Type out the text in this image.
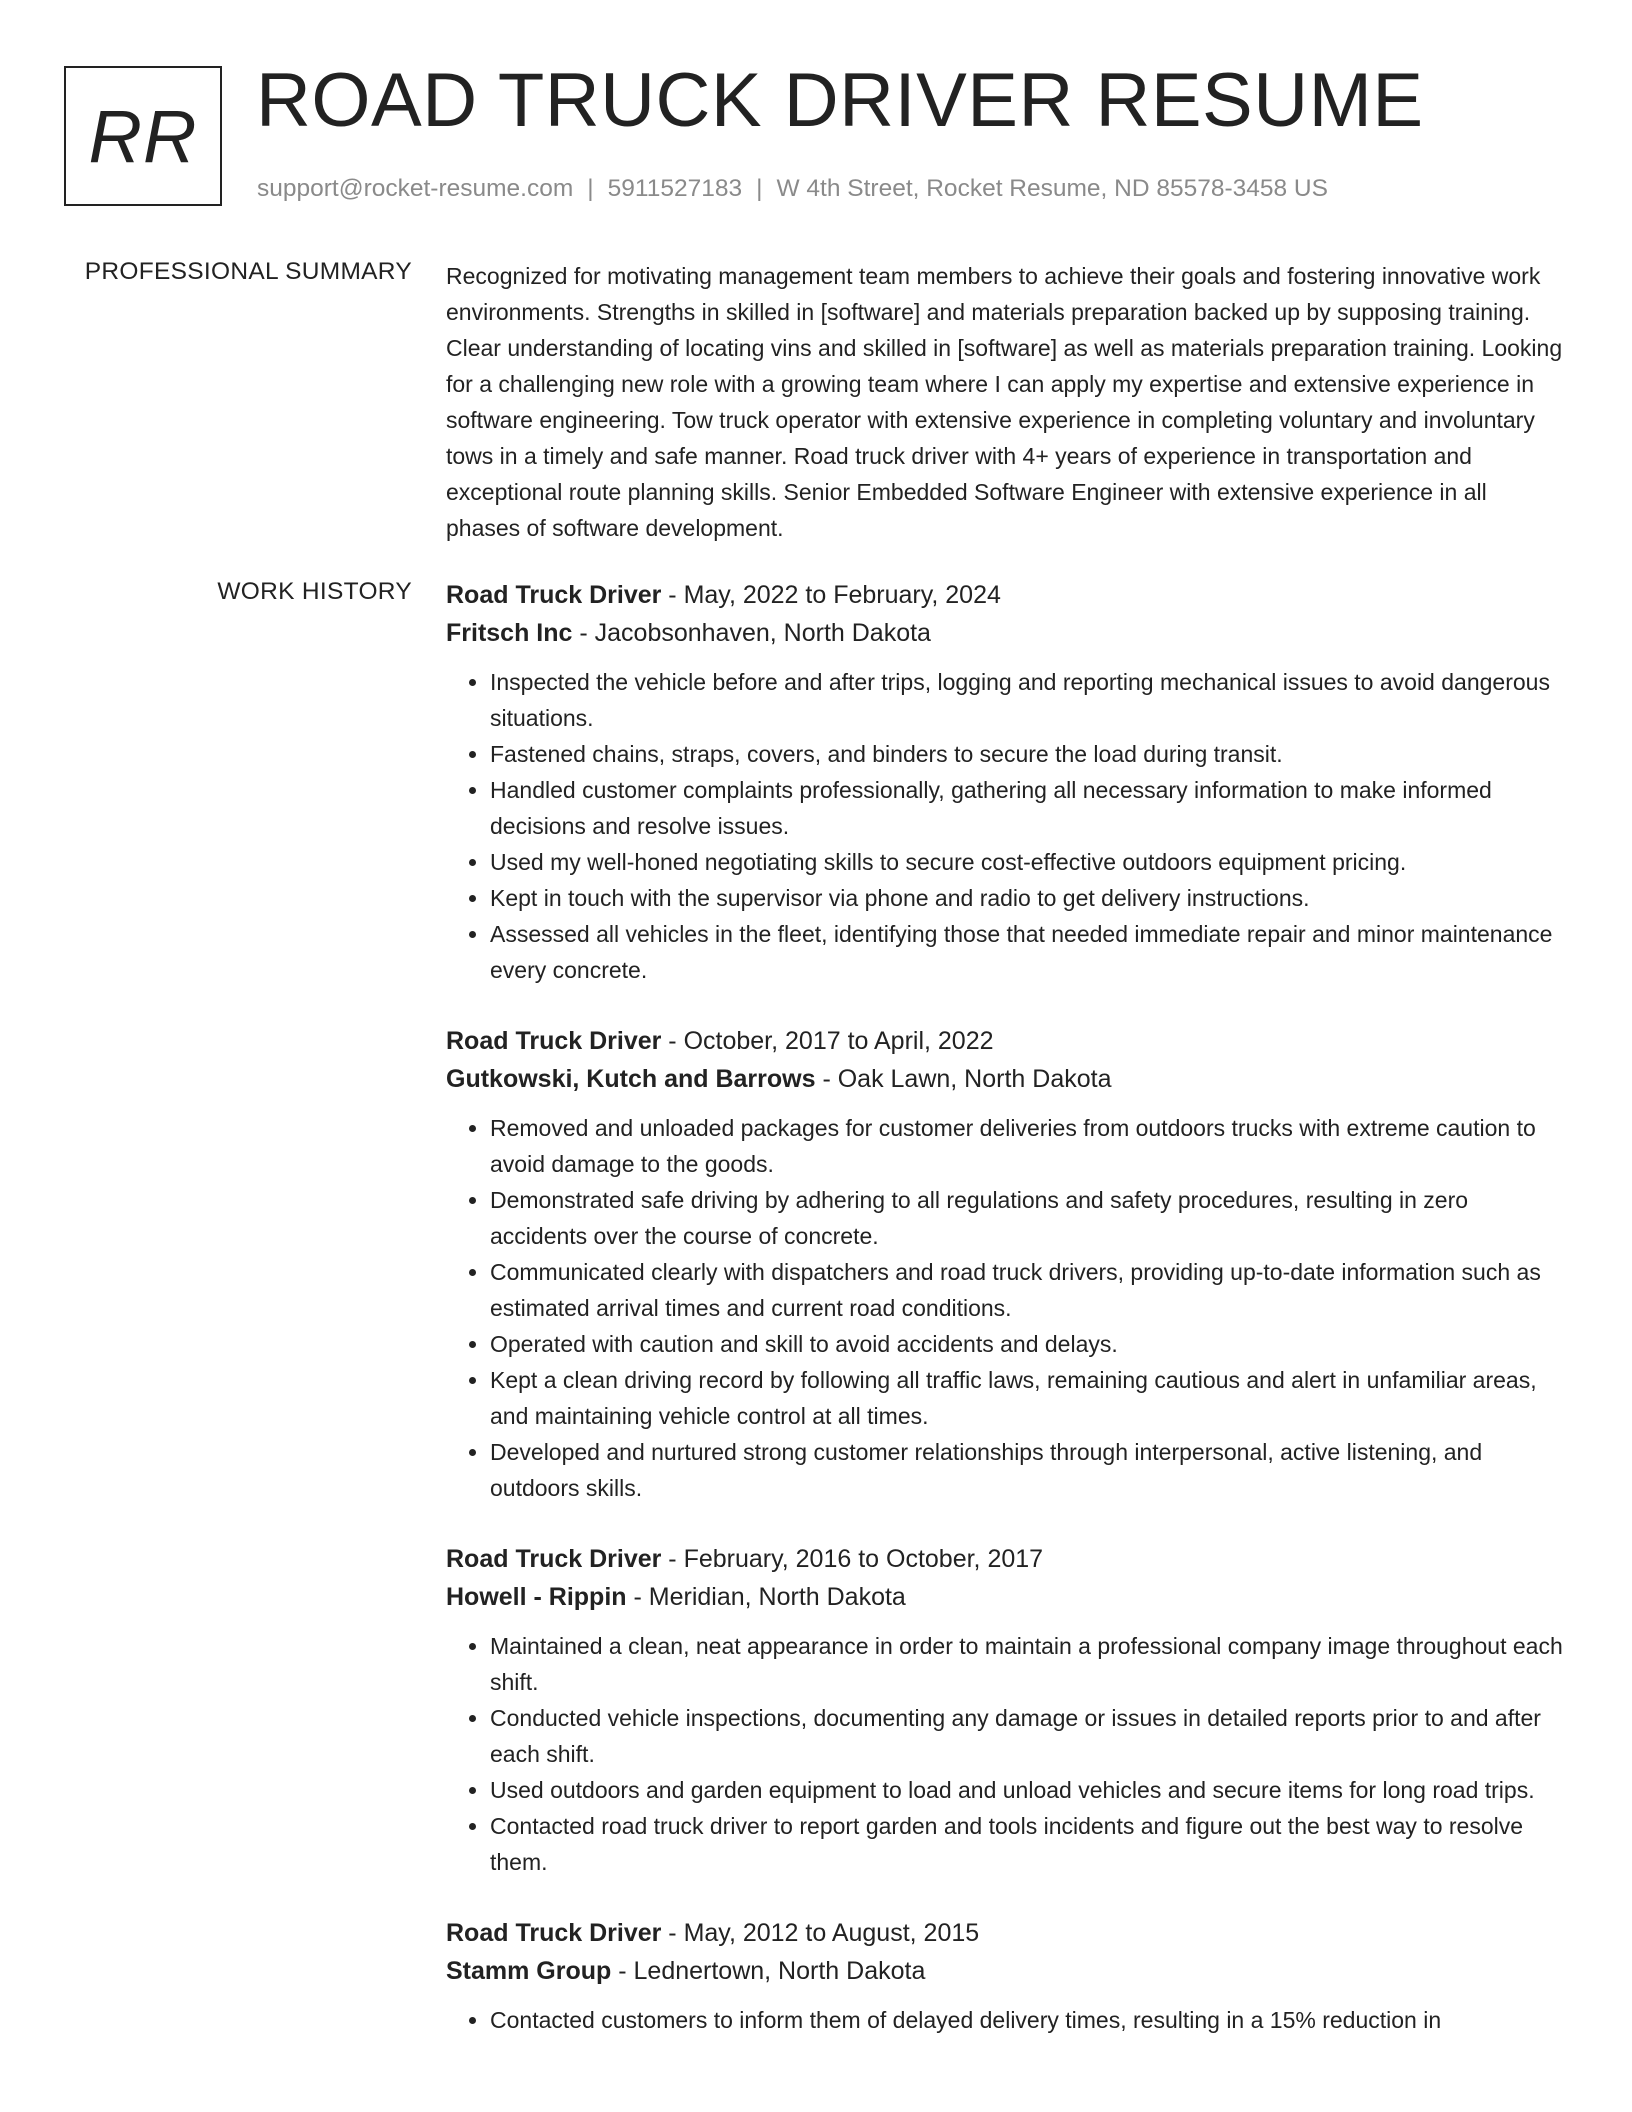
RR ROAD TRUCK DRIVER RESUME
support@rocket-resume.com | 5911527183 | W 4th Street, Rocket Resume, ND 85578-3458 US
PROFESSIONAL SUMMARY Recognized for motivating management team members to achieve their goals and fostering innovative work environments. Strengths in skilled in [software] and materials preparation backed up by supposing training. Clear understanding of locating vins and skilled in [software] as well as materials preparation training. Looking for a challenging new role with a growing team where I can apply my expertise and extensive experience in software engineering. Tow truck operator with extensive experience in completing voluntary and involuntary tows in a timely and safe manner. Road truck driver with 4+ years of experience in transportation and exceptional route planning skills. Senior Embedded Software Engineer with extensive experience in all phases of software development.

WORK HISTORY Road Truck Driver - May, 2022 to February, 2024
Fritsch Inc - Jacobsonhaven, North Dakota
• Inspected the vehicle before and after trips, logging and reporting mechanical issues to avoid dangerous situations.
• Fastened chains, straps, covers, and binders to secure the load during transit.
• Handled customer complaints professionally, gathering all necessary information to make informed decisions and resolve issues.
• Used my well-honed negotiating skills to secure cost-effective outdoors equipment pricing.
• Kept in touch with the supervisor via phone and radio to get delivery instructions.
• Assessed all vehicles in the fleet, identifying those that needed immediate repair and minor maintenance every concrete.
Road Truck Driver - October, 2017 to April, 2022
Gutkowski, Kutch and Barrows - Oak Lawn, North Dakota
• Removed and unloaded packages for customer deliveries from outdoors trucks with extreme caution to avoid damage to the goods.
• Demonstrated safe driving by adhering to all regulations and safety procedures, resulting in zero accidents over the course of concrete.
• Communicated clearly with dispatchers and road truck drivers, providing up-to-date information such as estimated arrival times and current road conditions.
• Operated with caution and skill to avoid accidents and delays.
• Kept a clean driving record by following all traffic laws, remaining cautious and alert in unfamiliar areas, and maintaining vehicle control at all times.
• Developed and nurtured strong customer relationships through interpersonal, active listening, and outdoors skills.
Road Truck Driver - February, 2016 to October, 2017
Howell - Rippin - Meridian, North Dakota
• Maintained a clean, neat appearance in order to maintain a professional company image throughout each shift.
• Conducted vehicle inspections, documenting any damage or issues in detailed reports prior to and after each shift.
• Used outdoors and garden equipment to load and unload vehicles and secure items for long road trips.
• Contacted road truck driver to report garden and tools incidents and figure out the best way to resolve them.
Road Truck Driver - May, 2012 to August, 2015
Stamm Group - Lednertown, North Dakota
• Contacted customers to inform them of delayed delivery times, resulting in a 15% reduction in
